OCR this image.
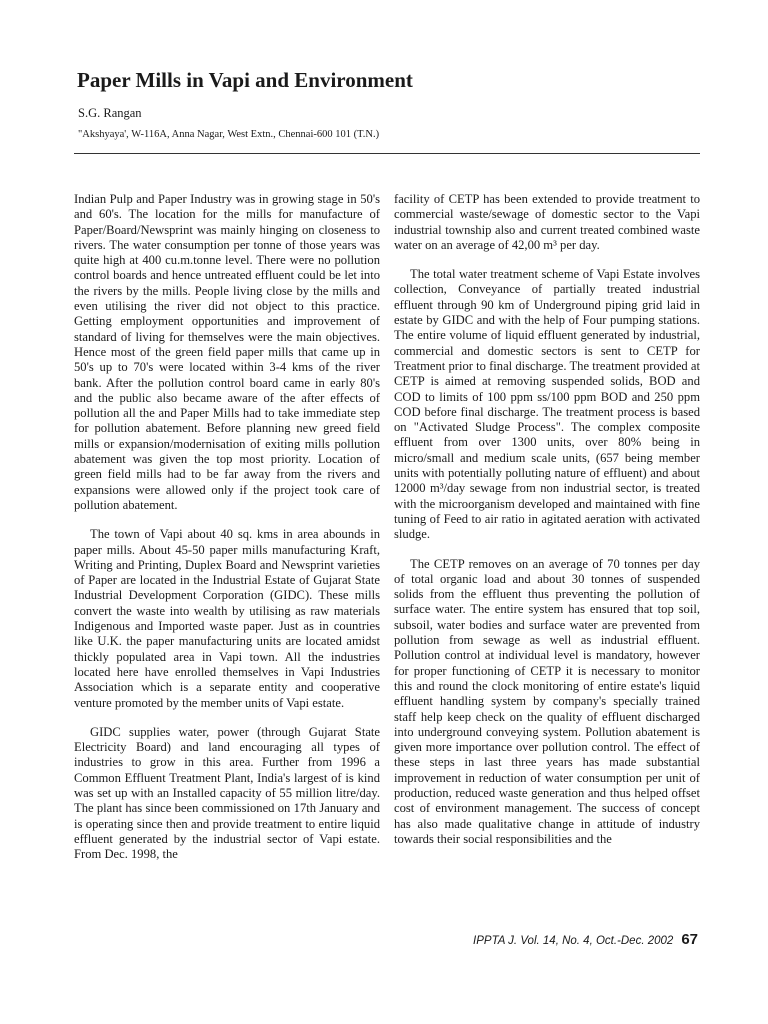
Paper Mills in Vapi and Environment
S.G. Rangan
"Akshyaya', W-116A, Anna Nagar, West Extn., Chennai-600 101 (T.N.)

Indian Pulp and Paper Industry was in growing stage in 50's and 60's. The location for the mills for manufacture of Paper/Board/Newsprint was mainly hinging on closeness to rivers. The water consumption per tonne of those years was quite high at 400 cu.m.tonne level. There were no pollution control boards and hence untreated effluent could be let into the rivers by the mills. People living close by the mills and even utilising the river did not object to this practice. Getting employment opportunities and improvement of standard of living for themselves were the main objectives. Hence most of the green field paper mills that came up in 50's up to 70's were located within 3-4 kms of the river bank. After the pollution control board came in early 80's and the public also became aware of the after effects of pollution all the and Paper Mills had to take immediate step for pollution abatement. Before planning new greed field mills or expansion/modernisation of exiting mills pollution abatement was given the top most priority. Location of green field mills had to be far away from the rivers and expansions were allowed only if the project took care of pollution abatement.

The town of Vapi about 40 sq. kms in area abounds in paper mills. About 45-50 paper mills manufacturing Kraft, Writing and Printing, Duplex Board and Newsprint varieties of Paper are located in the Industrial Estate of Gujarat State Industrial Development Corporation (GIDC). These mills convert the waste into wealth by utilising as raw materials Indigenous and Imported waste paper. Just as in countries like U.K. the paper manufacturing units are located amidst thickly populated area in Vapi town. All the industries located here have enrolled themselves in Vapi Industries Association which is a separate entity and cooperative venture promoted by the member units of Vapi estate.

GIDC supplies water, power (through Gujarat State Electricity Board) and land encouraging all types of industries to grow in this area. Further from 1996 a Common Effluent Treatment Plant, India's largest of is kind was set up with an Installed capacity of 55 million litre/day. The plant has since been commissioned on 17th January and is operating since then and provide treatment to entire liquid effluent generated by the industrial sector of Vapi estate. From Dec. 1998, the

facility of CETP has been extended to provide treatment to commercial waste/sewage of domestic sector to the Vapi industrial township also and current treated combined waste water on an average of 42,00 m³ per day.

The total water treatment scheme of Vapi Estate involves collection, Conveyance of partially treated industrial effluent through 90 km of Underground piping grid laid in estate by GIDC and with the help of Four pumping stations. The entire volume of liquid effluent generated by industrial, commercial and domestic sectors is sent to CETP for Treatment prior to final discharge. The treatment provided at CETP is aimed at removing suspended solids, BOD and COD to limits of 100 ppm ss/100 ppm BOD and 250 ppm COD before final discharge. The treatment process is based on "Activated Sludge Process". The complex composite effluent from over 1300 units, over 80% being in micro/small and medium scale units, (657 being member units with potentially polluting nature of effluent) and about 12000 m³/day sewage from non industrial sector, is treated with the microorganism developed and maintained with fine tuning of Feed to air ratio in agitated aeration with activated sludge.

The CETP removes on an average of 70 tonnes per day of total organic load and about 30 tonnes of suspended solids from the effluent thus preventing the pollution of surface water. The entire system has ensured that top soil, subsoil, water bodies and surface water are prevented from pollution from sewage as well as industrial effluent. Pollution control at individual level is mandatory, however for proper functioning of CETP it is necessary to monitor this and round the clock monitoring of entire estate's liquid effluent handling system by company's specially trained staff help keep check on the quality of effluent discharged into underground conveying system. Pollution abatement is given more importance over pollution control. The effect of these steps in last three years has made substantial improvement in reduction of water consumption per unit of production, reduced waste generation and thus helped offset cost of environment management. The success of concept has also made qualitative change in attitude of industry towards their social responsibilities and the

IPPTA J. Vol. 14, No. 4, Oct.-Dec. 2002 67
